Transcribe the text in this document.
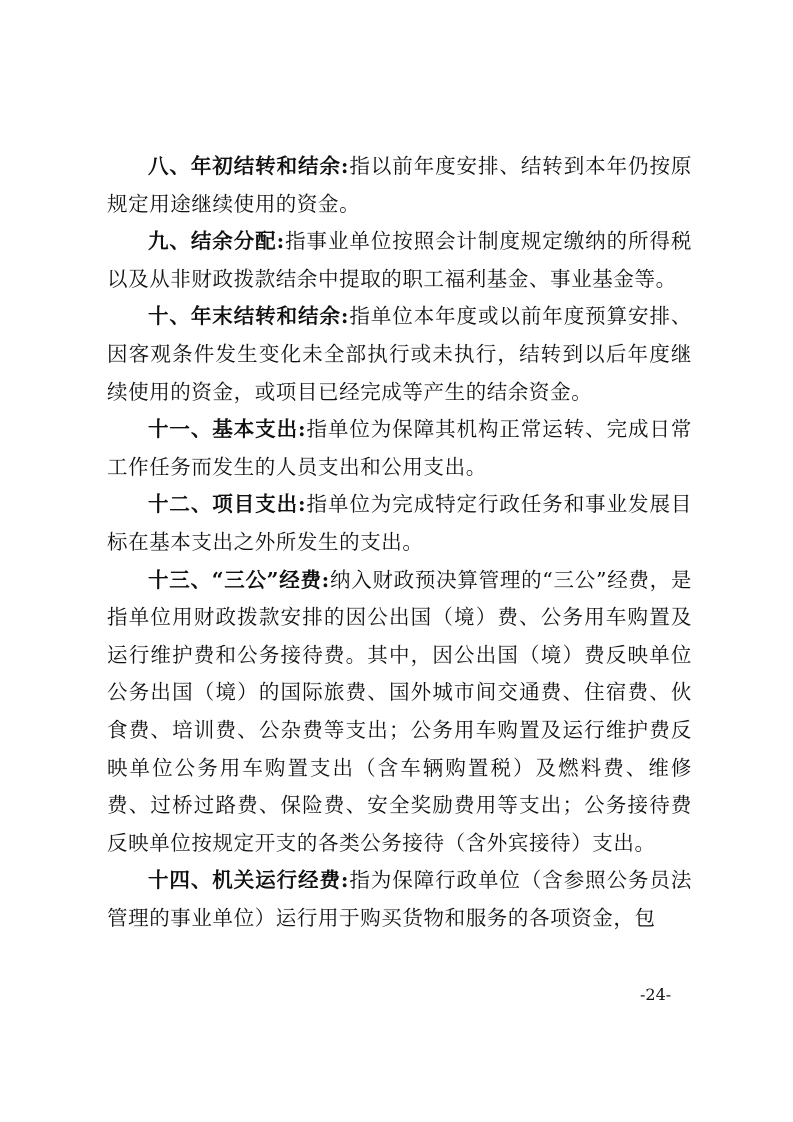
八、年初结转和结余:指以前年度安排、结转到本年仍按原规定用途继续使用的资金。

九、结余分配:指事业单位按照会计制度规定缴纳的所得税以及从非财政拨款结余中提取的职工福利基金、事业基金等。

十、年末结转和结余:指单位本年度或以前年度预算安排、因客观条件发生变化未全部执行或未执行，结转到以后年度继续使用的资金，或项目已经完成等产生的结余资金。

十一、基本支出:指单位为保障其机构正常运转、完成日常工作任务而发生的人员支出和公用支出。

十二、项目支出:指单位为完成特定行政任务和事业发展目标在基本支出之外所发生的支出。

十三、“三公”经费:纳入财政预决算管理的“三公”经费，是指单位用财政拨款安排的因公出国（境）费、公务用车购置及运行维护费和公务接待费。其中，因公出国（境）费反映单位公务出国（境）的国际旅费、国外城市间交通费、住宿费、伙食费、培训费、公杂费等支出；公务用车购置及运行维护费反映单位公务用车购置支出（含车辆购置税）及燃料费、维修费、过桥过路费、保险费、安全奖励费用等支出；公务接待费反映单位按规定开支的各类公务接待（含外宾接待）支出。

十四、机关运行经费:指为保障行政单位（含参照公务员法管理的事业单位）运行用于购买货物和服务的各项资金，包

-24-
